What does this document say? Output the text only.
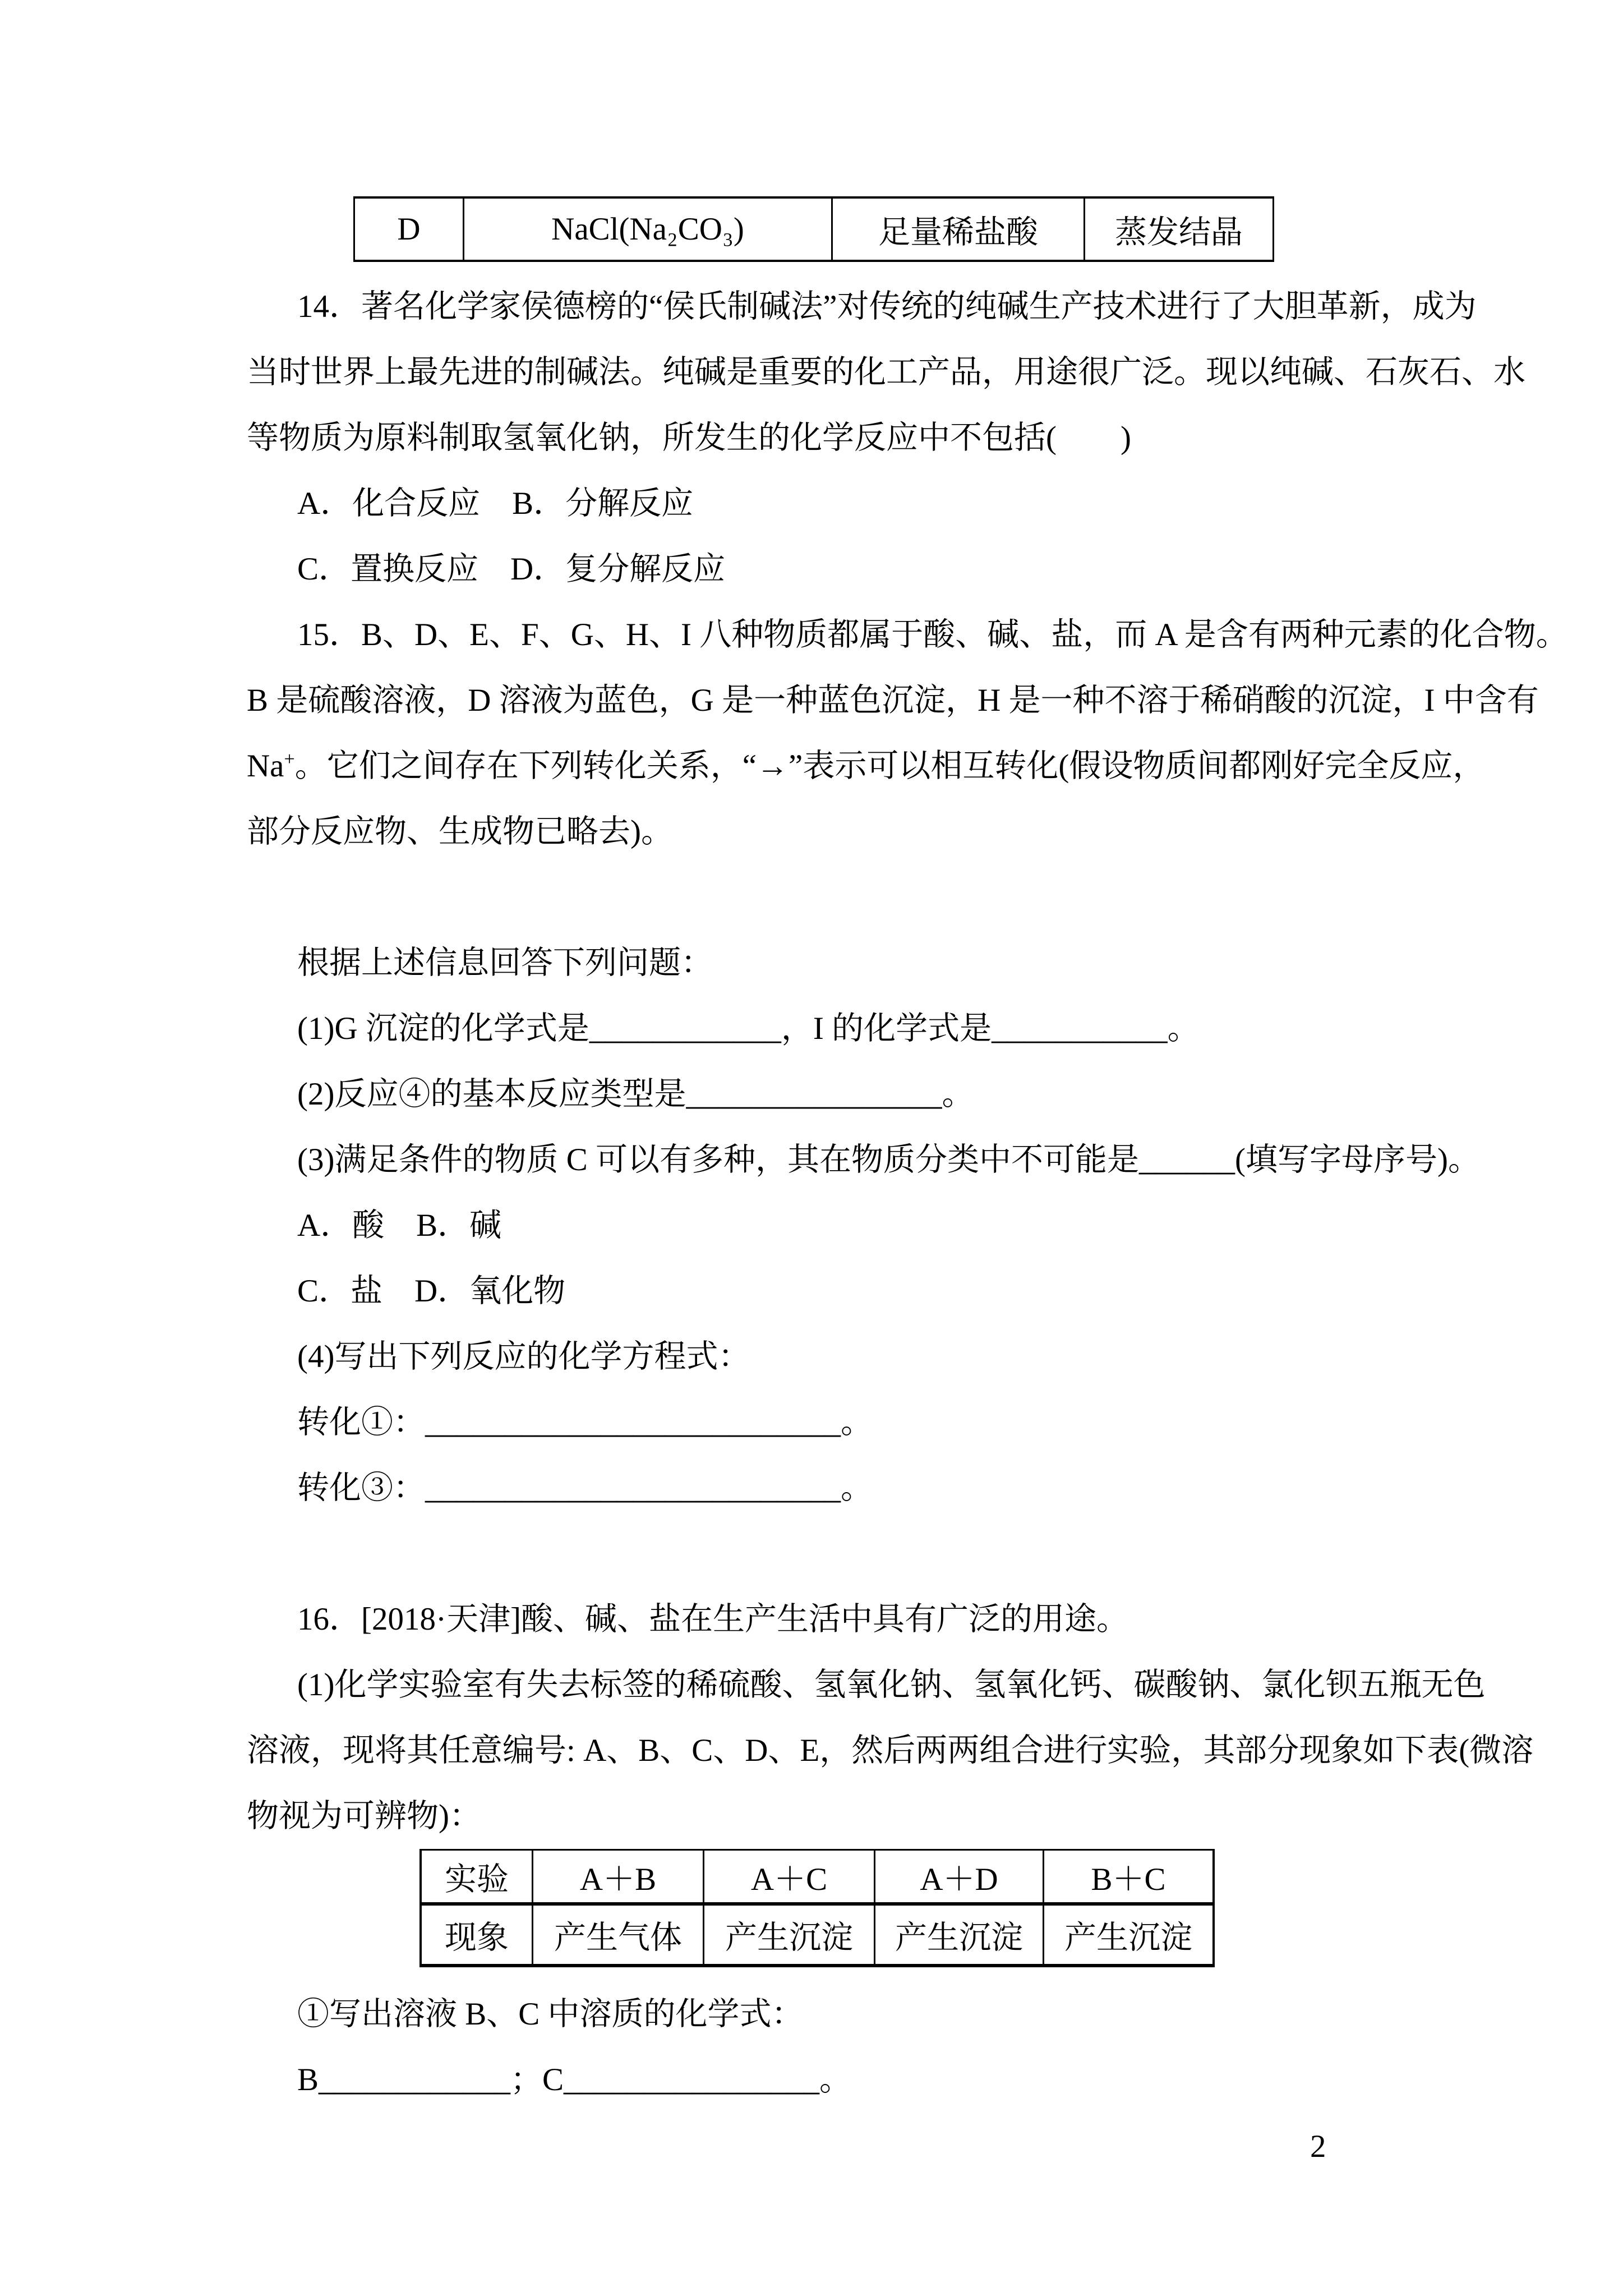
D	NaCl(Na₂CO₃)	足量稀盐酸	蒸发结晶
14．著名化学家侯德榜的“侯氏制碱法”对传统的纯碱生产技术进行了大胆革新，成为
当时世界上最先进的制碱法。纯碱是重要的化工产品，用途很广泛。现以纯碱、石灰石、水
等物质为原料制取氢氧化钠，所发生的化学反应中不包括(　　)
A．化合反应　B．分解反应
C．置换反应　D．复分解反应
15．B、D、E、F、G、H、I 八种物质都属于酸、碱、盐，而 A 是含有两种元素的化合物。
B 是硫酸溶液，D 溶液为蓝色，G 是一种蓝色沉淀，H 是一种不溶于稀硝酸的沉淀，I 中含有
Na+。它们之间存在下列转化关系，“→”表示可以相互转化(假设物质间都刚好完全反应，
部分反应物、生成物已略去)。
根据上述信息回答下列问题：
(1)G 沉淀的化学式是____________，I 的化学式是___________。
(2)反应④的基本反应类型是________________。
(3)满足条件的物质 C 可以有多种，其在物质分类中不可能是______(填写字母序号)。
A．酸　B．碱
C．盐　D．氧化物
(4)写出下列反应的化学方程式：
转化①：__________________________。
转化③：__________________________。
16．[2018·天津]酸、碱、盐在生产生活中具有广泛的用途。
(1)化学实验室有失去标签的稀硫酸、氢氧化钠、氢氧化钙、碳酸钠、氯化钡五瓶无色
溶液，现将其任意编号: A、B、C、D、E，然后两两组合进行实验，其部分现象如下表(微溶
物视为可辨物)：
实验	A＋B	A＋C	A＋D	B＋C
现象	产生气体	产生沉淀	产生沉淀	产生沉淀
①写出溶液 B、C 中溶质的化学式：
B____________；C________________。
2
